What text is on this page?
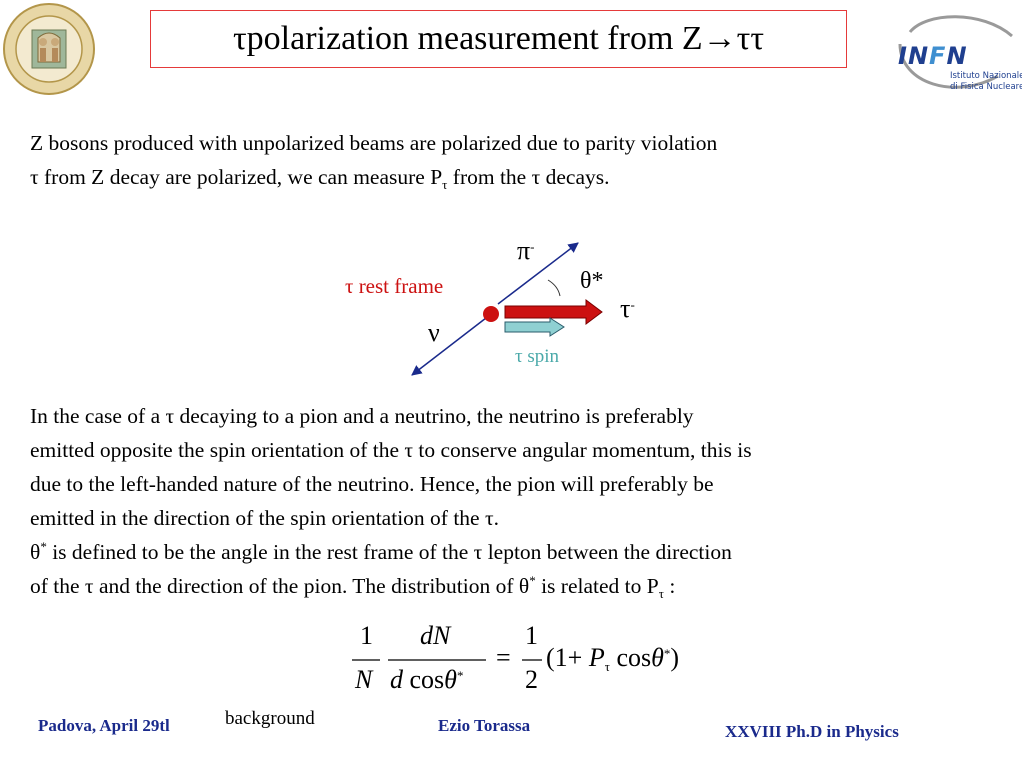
τ polarization measurement from Z → ττ	INFN
Istituto Nazionale
di Fisica Nucleare
Z bosons produced with unpolarized beams are polarized due to parity violation
τ from Z decay are polarized, we can measure $P_\tau$ from the τ decays.
τ rest frame
π-
θ*
τ-
ν
τ spin
In the case of a τ decaying to a pion and a neutrino, the neutrino is preferably
emitted opposite the spin orientation of the τ to conserve angular momentum, this is
due to the left-handed nature of the neutrino. Hence, the pion will preferably be
emitted in the direction of the spin orientation of the τ.
θ* is defined to be the angle in the rest frame of the τ lepton between the direction
of the τ and the direction of the pion. The distribution of θ* is related to $P_\tau$ :
1
N
dN
d cosθ*
=
1
2
($1+ P_\tau$ cosθ*)
Padova, April 29tl	background	Ezio Torassa	XXVIII Ph.D in Physics
